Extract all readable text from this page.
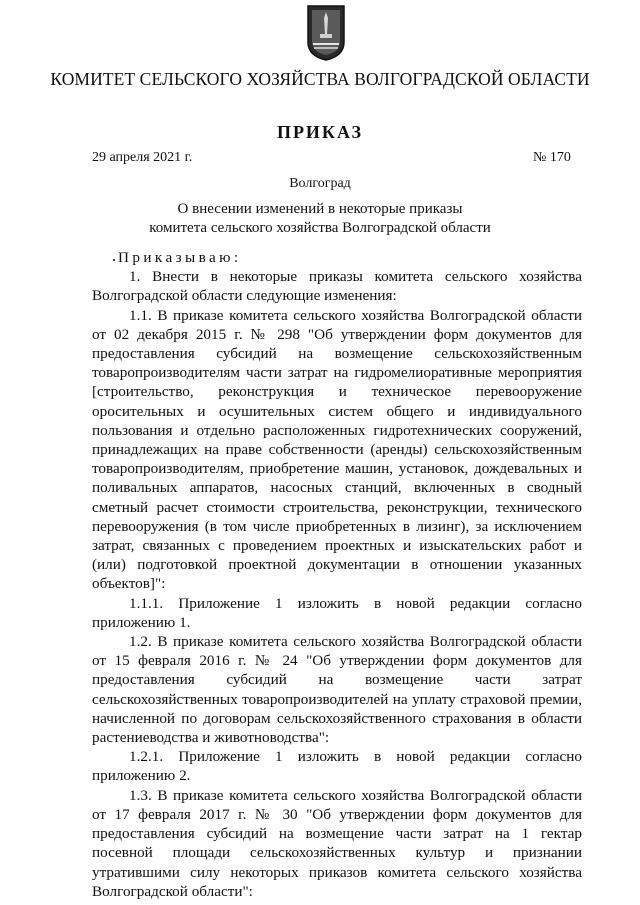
КОМИТЕТ СЕЛЬСКОГО ХОЗЯЙСТВА ВОЛГОГРАДСКОЙ ОБЛАСТИ
ПРИКАЗ
29 апреля 2021 г.	№ 170
Волгоград
О внесении изменений в некоторые приказы
комитета сельского хозяйства Волгоградской области

Приказываю:

1. Внести в некоторые приказы комитета сельского хозяйства Волгоградской области следующие изменения:

1.1. В приказе комитета сельского хозяйства Волгоградской области от 02 декабря 2015 г. № 298 "Об утверждении форм документов для предоставления субсидий на возмещение сельскохозяйственным товаропроизводителям части затрат на гидромелиоративные мероприятия [строительство, реконструкция и техническое перевооружение оросительных и осушительных систем общего и индивидуального пользования и отдельно расположенных гидротехнических сооружений, принадлежащих на праве собственности (аренды) сельскохозяйственным товаропроизводителям, приобретение машин, установок, дождевальных и поливальных аппаратов, насосных станций, включенных в сводный сметный расчет стоимости строительства, реконструкции, технического перевооружения (в том числе приобретенных в лизинг), за исключением затрат, связанных с проведением проектных и изыскательских работ и (или) подготовкой проектной документации в отношении указанных объектов]":

1.1.1. Приложение 1 изложить в новой редакции согласно приложению 1.

1.2. В приказе комитета сельского хозяйства Волгоградской области от 15 февраля 2016 г. № 24 "Об утверждении форм документов для предоставления субсидий на возмещение части затрат сельскохозяйственных товаропроизводителей на уплату страховой премии, начисленной по договорам сельскохозяйственного страхования в области растениеводства и животноводства":

1.2.1. Приложение 1 изложить в новой редакции согласно приложению 2.

1.3. В приказе комитета сельского хозяйства Волгоградской области от 17 февраля 2017 г. № 30 "Об утверждении форм документов для предоставления субсидий на возмещение части затрат на 1 гектар посевной площади сельскохозяйственных культур и признании утратившими силу некоторых приказов комитета сельского хозяйства Волгоградской области":
